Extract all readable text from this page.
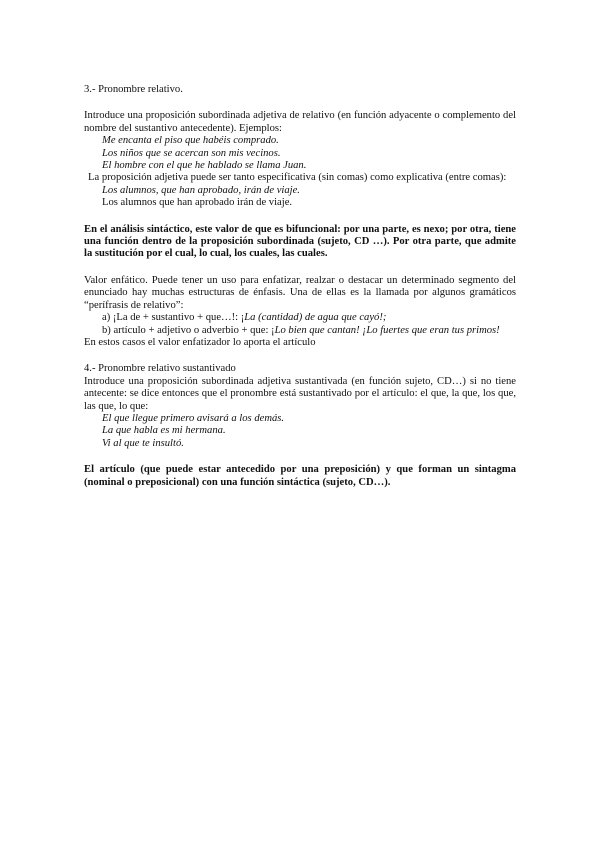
3.- Pronombre relativo.

Introduce una proposición subordinada adjetiva de relativo (en función adyacente o complemento del nombre del sustantivo antecedente). Ejemplos:

Me encanta el piso que habéis comprado.

Los niños que se acercan son mis vecinos.

El hombre con el que he hablado se llama Juan.

La proposición adjetiva puede ser tanto especificativa (sin comas) como explicativa (entre comas):

Los alumnos, que han aprobado, irán de viaje.

Los alumnos que han aprobado irán de viaje.

En el análisis sintáctico, este valor de que es bifuncional: por una parte, es nexo; por otra, tiene una función dentro de la proposición subordinada (sujeto, CD …). Por otra parte, que admite la sustitución por el cual, lo cual, los cuales, las cuales.

Valor enfático. Puede tener un uso para enfatizar, realzar o destacar un determinado segmento del enunciado hay muchas estructuras de énfasis. Una de ellas es la llamada por algunos gramáticos “perífrasis de relativo”:

a) ¡La de + sustantivo + que…!: ¡La (cantidad) de agua que cayó!;

b) artículo + adjetivo o adverbio + que: ¡Lo bien que cantan! ¡Lo fuertes que eran tus primos!

En estos casos el valor enfatizador lo aporta el artículo

4.- Pronombre relativo sustantivado

Introduce una proposición subordinada adjetiva sustantivada (en función sujeto, CD…) si no tiene antecente: se dice entonces que el pronombre está sustantivado por el artículo: el que, la que, los que, las que, lo que:

El que llegue primero avisará a los demás.

La que habla es mi hermana.

Vi al que te insultó.

El artículo (que puede estar antecedido por una preposición) y que forman un sintagma (nominal o preposicional) con una función sintáctica (sujeto, CD…).
